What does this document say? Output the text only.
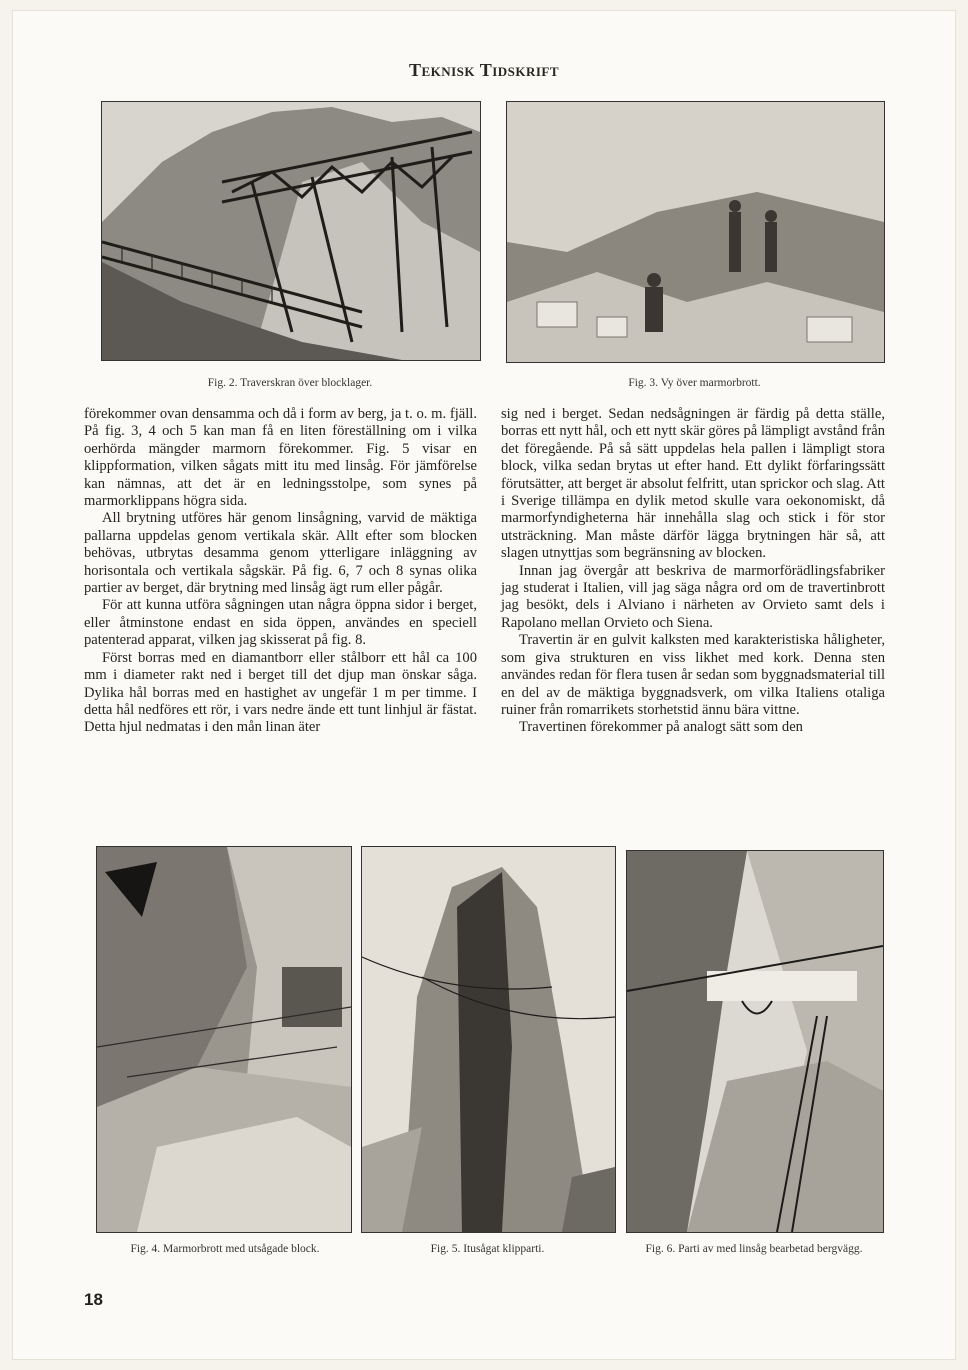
Teknisk Tidskrift
Fig. 2. Traverskran över blocklager.	Fig. 3. Vy över marmorbrott.

förekommer ovan densamma och då i form av berg, ja t. o. m. fjäll. På fig. 3, 4 och 5 kan man få en liten föreställning om i vilka oerhörda mängder marmorn förekommer. Fig. 5 visar en klippformation, vilken sågats mitt itu med linsåg. För jämförelse kan nämnas, att det är en ledningsstolpe, som synes på marmorklippans högra sida.

All brytning utföres här genom linsågning, varvid de mäktiga pallarna uppdelas genom vertikala skär. Allt efter som blocken behövas, utbrytas desamma genom ytterligare inläggning av horisontala och vertikala sågskär. På fig. 6, 7 och 8 synas olika partier av berget, där brytning med linsåg ägt rum eller pågår.

För att kunna utföra sågningen utan några öppna sidor i berget, eller åtminstone endast en sida öppen, användes en speciell patenterad apparat, vilken jag skisserat på fig. 8.

Först borras med en diamantborr eller stålborr ett hål ca 100 mm i diameter rakt ned i berget till det djup man önskar såga. Dylika hål borras med en hastighet av ungefär 1 m per timme. I detta hål nedföres ett rör, i vars nedre ände ett tunt linhjul är fästat. Detta hjul nedmatas i den mån linan äter

sig ned i berget. Sedan nedsågningen är färdig på detta ställe, borras ett nytt hål, och ett nytt skär göres på lämpligt avstånd från det föregående. På så sätt uppdelas hela pallen i lämpligt stora block, vilka sedan brytas ut efter hand. Ett dylikt förfaringssätt förutsätter, att berget är absolut felfritt, utan sprickor och slag. Att i Sverige tillämpa en dylik metod skulle vara oekonomiskt, då marmorfyndigheterna här innehålla slag och stick i för stor utsträckning. Man måste därför lägga brytningen här så, att slagen utnyttjas som begränsning av blocken.

Innan jag övergår att beskriva de marmorförädlingsfabriker jag studerat i Italien, vill jag säga några ord om de travertinbrott jag besökt, dels i Alviano i närheten av Orvieto samt dels i Rapolano mellan Orvieto och Siena.

Travertin är en gulvit kalksten med karakteristiska håligheter, som giva strukturen en viss likhet med kork. Denna sten användes redan för flera tusen år sedan som byggnadsmaterial till en del av de mäktiga byggnadsverk, om vilka Italiens otaliga ruiner från romarrikets storhetstid ännu bära vittne.

Travertinen förekommer på analogt sätt som den

Fig. 4. Marmorbrott med utsågade block.	Fig. 5. Itusågat klipparti.	Fig. 6. Parti av med linsåg bearbetad bergvägg.
18
